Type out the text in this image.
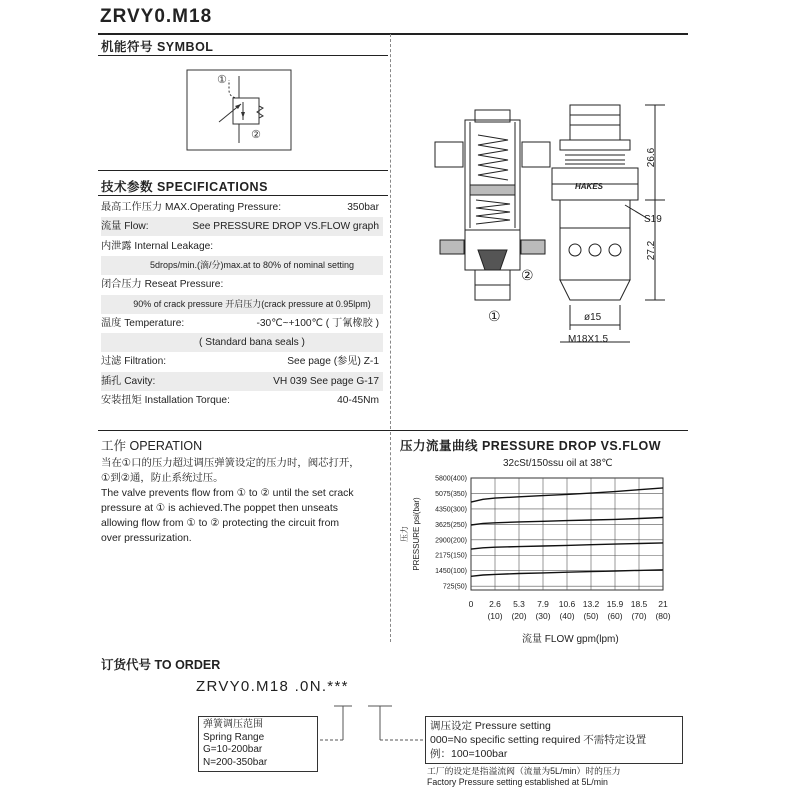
ZRVY0.M18
机能符号 SYMBOL
①
②
技术参数 SPECIFICATIONS
最高工作压力 MAX.Operating Pressure:	350bar
流量 Flow:	See PRESSURE DROP VS.FLOW graph
内泄露 Internal Leakage:
5drops/min.(滴/分)max.at to 80% of nominal setting
闭合压力 Reseat Pressure:
90% of crack pressure 开启压力(crack pressure at 0.95lpm)
温度 Temperature:	-30℃~+100℃ ( 丁氰橡胶 )
( Standard bana seals )
过滤 Filtration:	See page (参见) Z-1
插孔 Cavity:	VH 039 See page G-17
安装扭矩 Installation Torque:	40-45Nm
HAKES
26.6
27.2
S19
ø15
M18X1.5
①
②
工作 OPERATION
当在①口的压力超过调压弹簧设定的压力时，阀芯打开，
①到②通，防止系统过压。
The valve prevents flow from ① to ② until the set crack
pressure at ① is achieved.The poppet then unseats
allowing flow from ① to ② protecting the circuit from
over pressurization.
压力流量曲线 PRESSURE DROP VS.FLOW
32cSt/150ssu oil at 38℃
5800(400)
5075(350)
4350(300)
3625(250)
2900(200)
2175(150)
1450(100)
725(50)
0 2.6
(10)
5.3
(20)
7.9
(30)
10.6
(40)
13.2
(50)
15.9
(60)
18.5
(70)
21
(80)
PRESSURE psi(bar)
压力
流量 FLOW gpm(lpm)
订货代号 TO ORDER
ZRVY0.M18 .0N.***
弹簧调压范围
Spring Range
G=10-200bar
N=200-350bar
调压设定 Pressure setting
000=No specific setting required 不需特定设置
例：100=100bar
工厂的设定是指溢流阀（流量为5L/min）时的压力
Factory Pressure setting established at 5L/min
